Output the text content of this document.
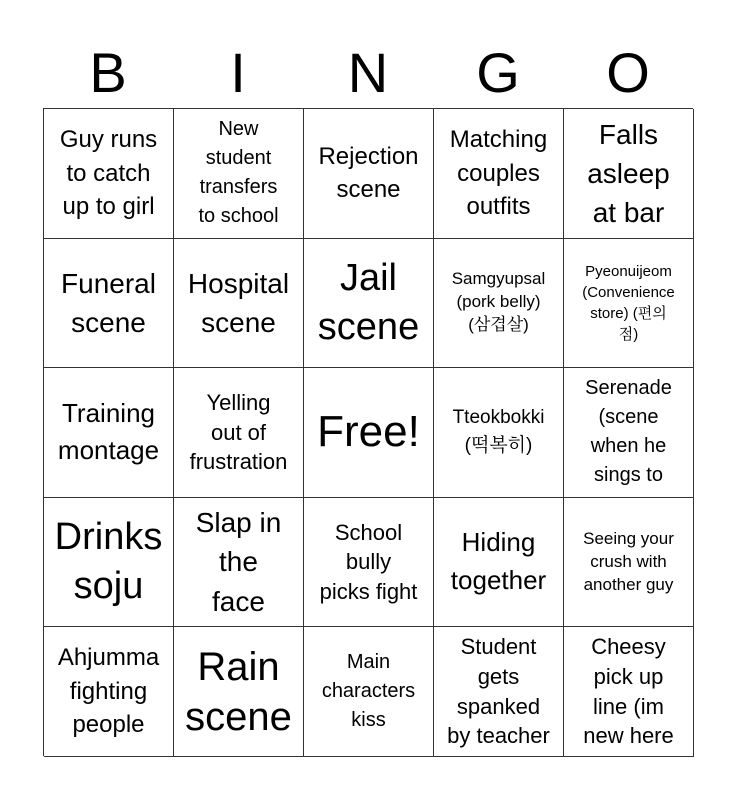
B	I	N	G	O
Guy runs
to catch
up to girl
New
student
transfers
to school
Rejection
scene
Matching
couples
outfits
Falls
asleep
at bar
Funeral
scene
Hospital
scene
Jail
scene
Samgyupsal
(pork belly)
(삼겹살)
Pyeonuijeom
(Convenience
store) (편의
점)
Training
montage
Yelling
out of
frustration
Free!	Tteokbokki
(떡복히)
Serenade
(scene
when he
sings to
Drinks
soju
Slap in
the
face
School
bully
picks fight
Hiding
together
Seeing your
crush with
another guy
Ahjumma
fighting
people
Rain
scene
Main
characters
kiss
Student
gets
spanked
by teacher
Cheesy
pick up
line (im
new here
